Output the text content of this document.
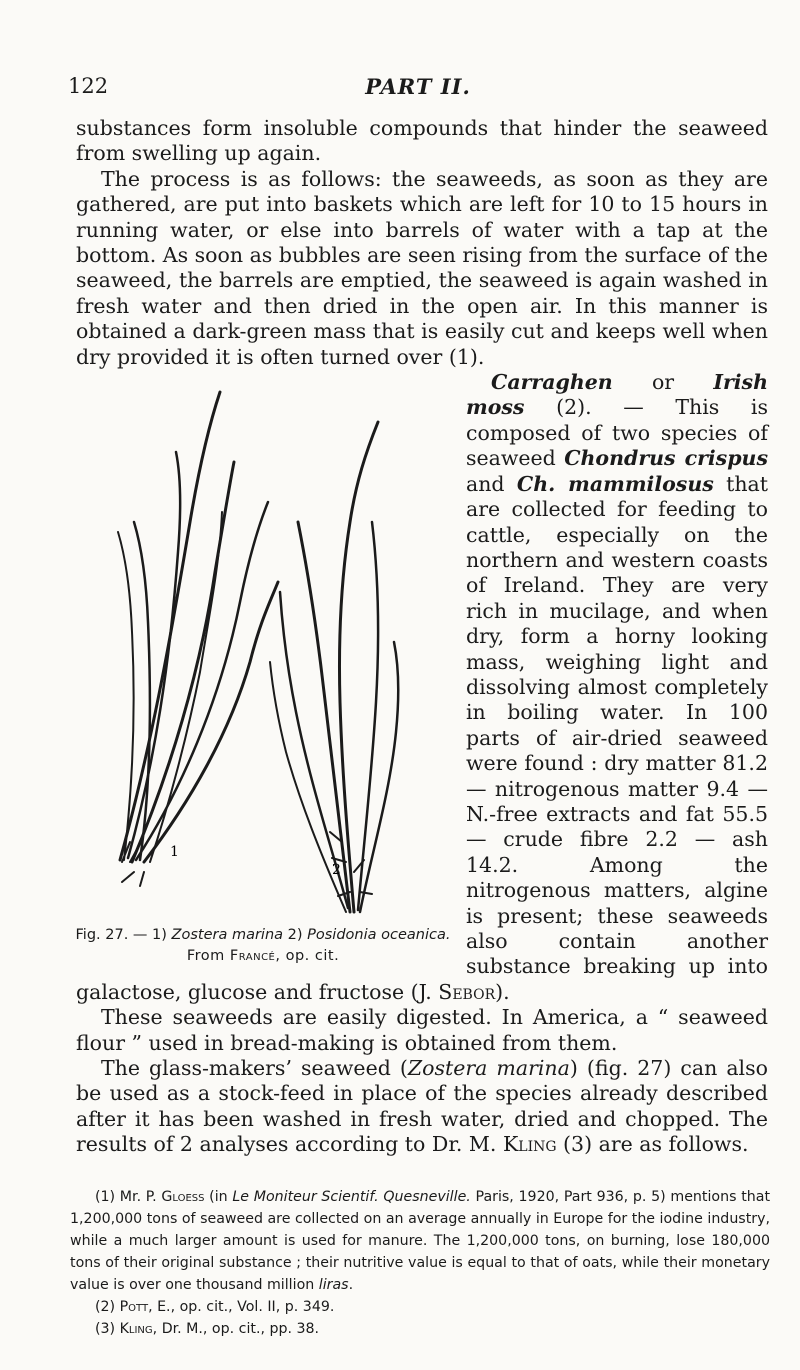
PART II.
122

substances form insoluble compounds that hinder the seaweed from swelling up again.

The process is as follows: the seaweeds, as soon as they are gathered, are put into baskets which are left for 10 to 15 hours in running water, or else into barrels of water with a tap at the bottom. As soon as bubbles are seen rising from the surface of the seaweed, the barrels are emptied, the seaweed is again washed in fresh water and then dried in the open air. In this manner is obtained a dark-green mass that is easily cut and keeps well when dry provided it is often turned over (1).

1
2
Fig. 27. — 1) Zostera marina 2) Posidonia oceanica.
From Francé, op. cit.

Carraghen or Irish moss (2). — This is composed of two species of seaweed Chondrus crispus and Ch. mammilosus that are collected for feeding to cattle, especially on the northern and western coasts of Ireland. They are very rich in mucilage, and when dry, form a horny looking mass, weighing light and dissolving almost completely in boiling water. In 100 parts of air-dried seaweed were found : dry matter 81.2 — nitrogenous matter 9.4 — N.-free extracts and fat 55.5 — crude fibre 2.2 — ash 14.2. Among the nitrogenous matters, algine is present; these seaweeds also contain another substance breaking up into galactose, glucose and fructose (J. Sebor).

These seaweeds are easily digested. In America, a “ seaweed flour ” used in bread-making is obtained from them.

The glass-makers’ seaweed (Zostera marina) (fig. 27) can also be used as a stock-feed in place of the species already described after it has been washed in fresh water, dried and chopped. The results of 2 analyses according to Dr. M. Kling (3) are as follows.

(1) Mr. P. Gloess (in Le Moniteur Scientif. Quesneville. Paris, 1920, Part 936, p. 5) mentions that 1,200,000 tons of seaweed are collected on an average annually in Europe for the iodine industry, while a much larger amount is used for manure. The 1,200,000 tons, on burning, lose 180,000 tons of their original substance ; their nutritive value is equal to that of oats, while their monetary value is over one thousand million liras.

(2) Pott, E., op. cit., Vol. II, p. 349.

(3) Kling, Dr. M., op. cit., pp. 38.
